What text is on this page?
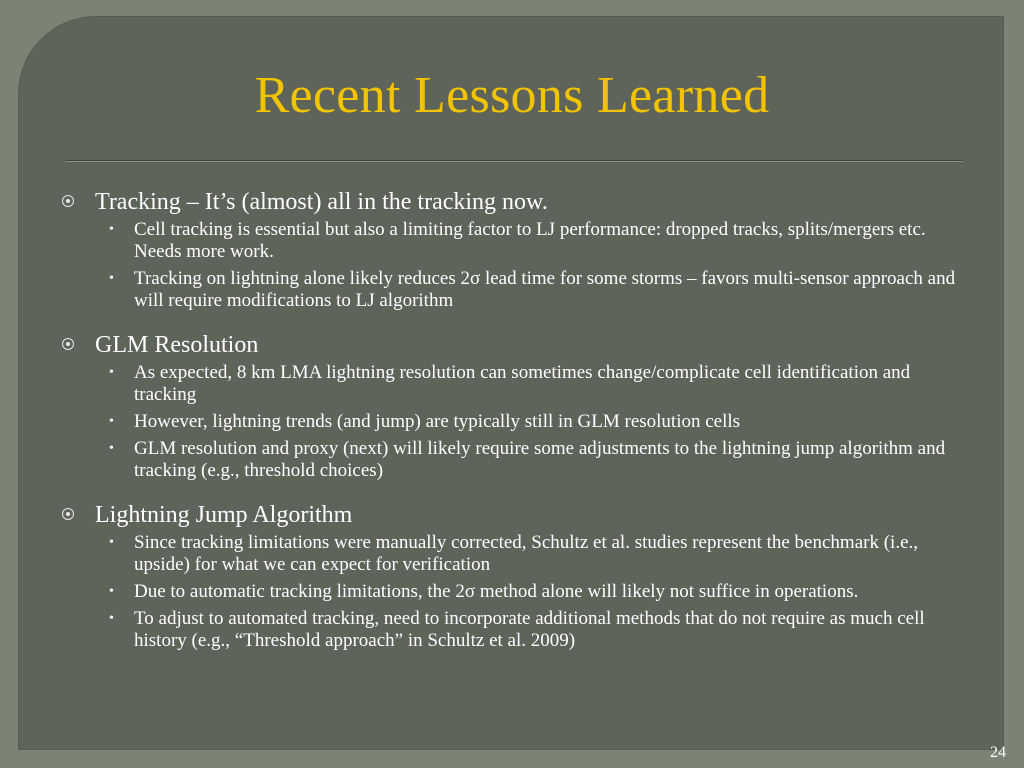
Recent Lessons Learned
Tracking – It’s (almost) all in the tracking now.
• Cell tracking is essential but also a limiting factor to LJ performance: dropped tracks, splits/mergers etc. Needs more work.
• Tracking on lightning alone likely reduces 2σ lead time for some storms – favors multi-sensor approach and will require modifications to LJ algorithm
GLM Resolution
• As expected, 8 km LMA lightning resolution can sometimes change/complicate cell identification and tracking
• However, lightning trends (and jump) are typically still in GLM resolution cells
• GLM resolution and proxy (next) will likely require some adjustments to the lightning jump algorithm and tracking (e.g., threshold choices)
Lightning Jump Algorithm
• Since tracking limitations were manually corrected, Schultz et al. studies represent the benchmark (i.e., upside) for what we can expect for verification
• Due to automatic tracking limitations, the 2σ method alone will likely not suffice in operations.
• To adjust to automated tracking, need to incorporate additional methods that do not require as much cell history (e.g., “Threshold approach” in Schultz et al. 2009)
24
